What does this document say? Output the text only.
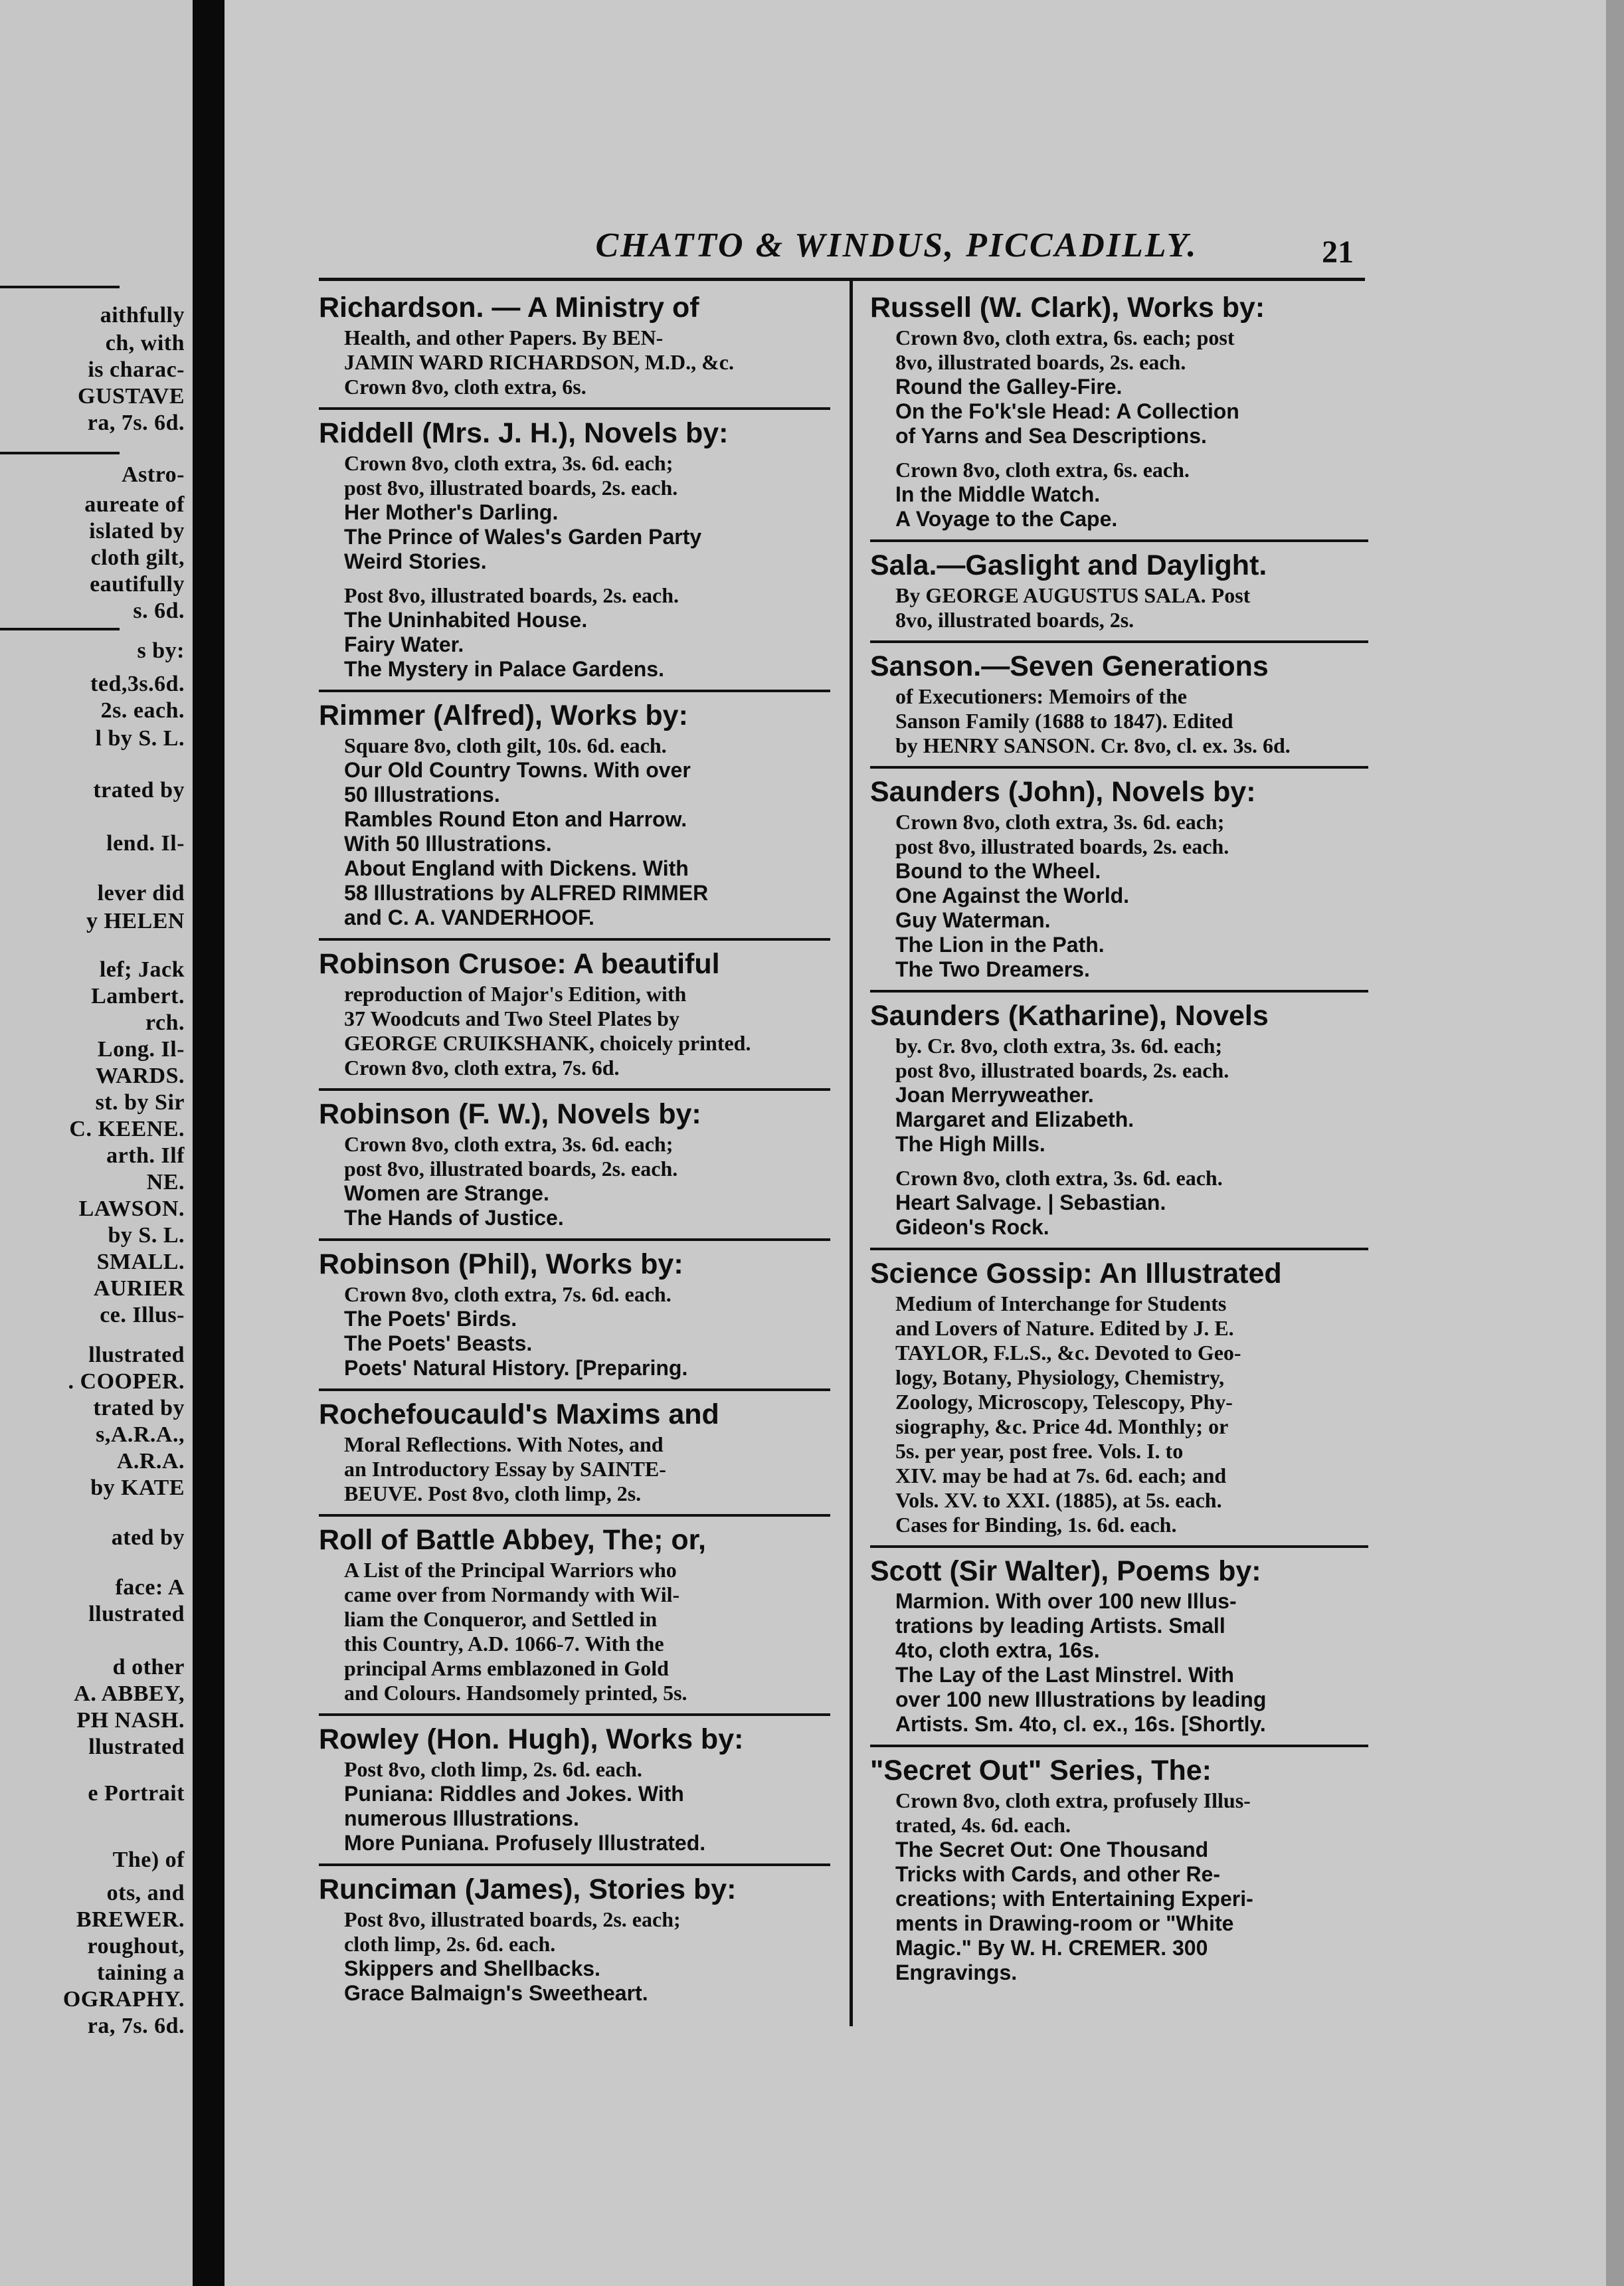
aithfully
ch, with
is charac-
GUSTAVE
ra, 7s. 6d.
Astro-
aureate of
islated by
cloth gilt,
eautifully
s. 6d.
s by:
ted,3s.6d.
2s. each.
l by S. L.
trated by
lend. Il-
lever did
y HELEN
lef; Jack
Lambert.
rch.
Long. Il-
WARDS.
st. by Sir
C. KEENE.
arth. Ilf
NE.
LAWSON.
by S. L.
SMALL.
AURIER
ce. Illus-
llustrated
. COOPER.
trated by
s,A.R.A.,
A.R.A.
by KATE
ated by
face: A
llustrated
d other
A. ABBEY,
PH NASH.
llustrated
e Portrait
The) of
ots, and
BREWER.
roughout,
taining a
OGRAPHY.
ra, 7s. 6d.
CHATTO & WINDUS, PICCADILLY.	21
Richardson. — A Ministry of
Health, and other Papers. By BEN-
JAMIN WARD RICHARDSON, M.D., &c.
Crown 8vo, cloth extra, 6s.
Riddell (Mrs. J. H.), Novels by:
Crown 8vo, cloth extra, 3s. 6d. each;
post 8vo, illustrated boards, 2s. each.
Her Mother's Darling.
The Prince of Wales's Garden Party
Weird Stories.
Post 8vo, illustrated boards, 2s. each.
The Uninhabited House.
Fairy Water.
The Mystery in Palace Gardens.
Rimmer (Alfred), Works by:
Square 8vo, cloth gilt, 10s. 6d. each.
Our Old Country Towns. With over
50 Illustrations.
Rambles Round Eton and Harrow.
With 50 Illustrations.
About England with Dickens. With
58 Illustrations by ALFRED RIMMER
and C. A. VANDERHOOF.
Robinson Crusoe: A beautiful
reproduction of Major's Edition, with
37 Woodcuts and Two Steel Plates by
GEORGE CRUIKSHANK, choicely printed.
Crown 8vo, cloth extra, 7s. 6d.
Robinson (F. W.), Novels by:
Crown 8vo, cloth extra, 3s. 6d. each;
post 8vo, illustrated boards, 2s. each.
Women are Strange.
The Hands of Justice.
Robinson (Phil), Works by:
Crown 8vo, cloth extra, 7s. 6d. each.
The Poets' Birds.
The Poets' Beasts.
Poets' Natural History. [Preparing.
Rochefoucauld's Maxims and
Moral Reflections. With Notes, and
an Introductory Essay by SAINTE-
BEUVE. Post 8vo, cloth limp, 2s.
Roll of Battle Abbey, The; or,
A List of the Principal Warriors who
came over from Normandy with Wil-
liam the Conqueror, and Settled in
this Country, A.D. 1066-7. With the
principal Arms emblazoned in Gold
and Colours. Handsomely printed, 5s.
Rowley (Hon. Hugh), Works by:
Post 8vo, cloth limp, 2s. 6d. each.
Puniana: Riddles and Jokes. With
numerous Illustrations.
More Puniana. Profusely Illustrated.
Runciman (James), Stories by:
Post 8vo, illustrated boards, 2s. each;
cloth limp, 2s. 6d. each.
Skippers and Shellbacks.
Grace Balmaign's Sweetheart.
Russell (W. Clark), Works by:
Crown 8vo, cloth extra, 6s. each; post
8vo, illustrated boards, 2s. each.
Round the Galley-Fire.
On the Fo'k'sle Head: A Collection
of Yarns and Sea Descriptions.
Crown 8vo, cloth extra, 6s. each.
In the Middle Watch.
A Voyage to the Cape.
Sala.—Gaslight and Daylight.
By GEORGE AUGUSTUS SALA. Post
8vo, illustrated boards, 2s.
Sanson.—Seven Generations
of Executioners: Memoirs of the
Sanson Family (1688 to 1847). Edited
by HENRY SANSON. Cr. 8vo, cl. ex. 3s. 6d.
Saunders (John), Novels by:
Crown 8vo, cloth extra, 3s. 6d. each;
post 8vo, illustrated boards, 2s. each.
Bound to the Wheel.
One Against the World.
Guy Waterman.
The Lion in the Path.
The Two Dreamers.
Saunders (Katharine), Novels
by. Cr. 8vo, cloth extra, 3s. 6d. each;
post 8vo, illustrated boards, 2s. each.
Joan Merryweather.
Margaret and Elizabeth.
The High Mills.
Crown 8vo, cloth extra, 3s. 6d. each.
Heart Salvage. | Sebastian.
Gideon's Rock.
Science Gossip: An Illustrated
Medium of Interchange for Students
and Lovers of Nature. Edited by J. E.
TAYLOR, F.L.S., &c. Devoted to Geo-
logy, Botany, Physiology, Chemistry,
Zoology, Microscopy, Telescopy, Phy-
siography, &c. Price 4d. Monthly; or
5s. per year, post free. Vols. I. to
XIV. may be had at 7s. 6d. each; and
Vols. XV. to XXI. (1885), at 5s. each.
Cases for Binding, 1s. 6d. each.
Scott (Sir Walter), Poems by:
Marmion. With over 100 new Illus-
trations by leading Artists. Small
4to, cloth extra, 16s.
The Lay of the Last Minstrel. With
over 100 new Illustrations by leading
Artists. Sm. 4to, cl. ex., 16s. [Shortly.
"Secret Out" Series, The:
Crown 8vo, cloth extra, profusely Illus-
trated, 4s. 6d. each.
The Secret Out: One Thousand
Tricks with Cards, and other Re-
creations; with Entertaining Experi-
ments in Drawing-room or "White
Magic." By W. H. CREMER. 300
Engravings.
